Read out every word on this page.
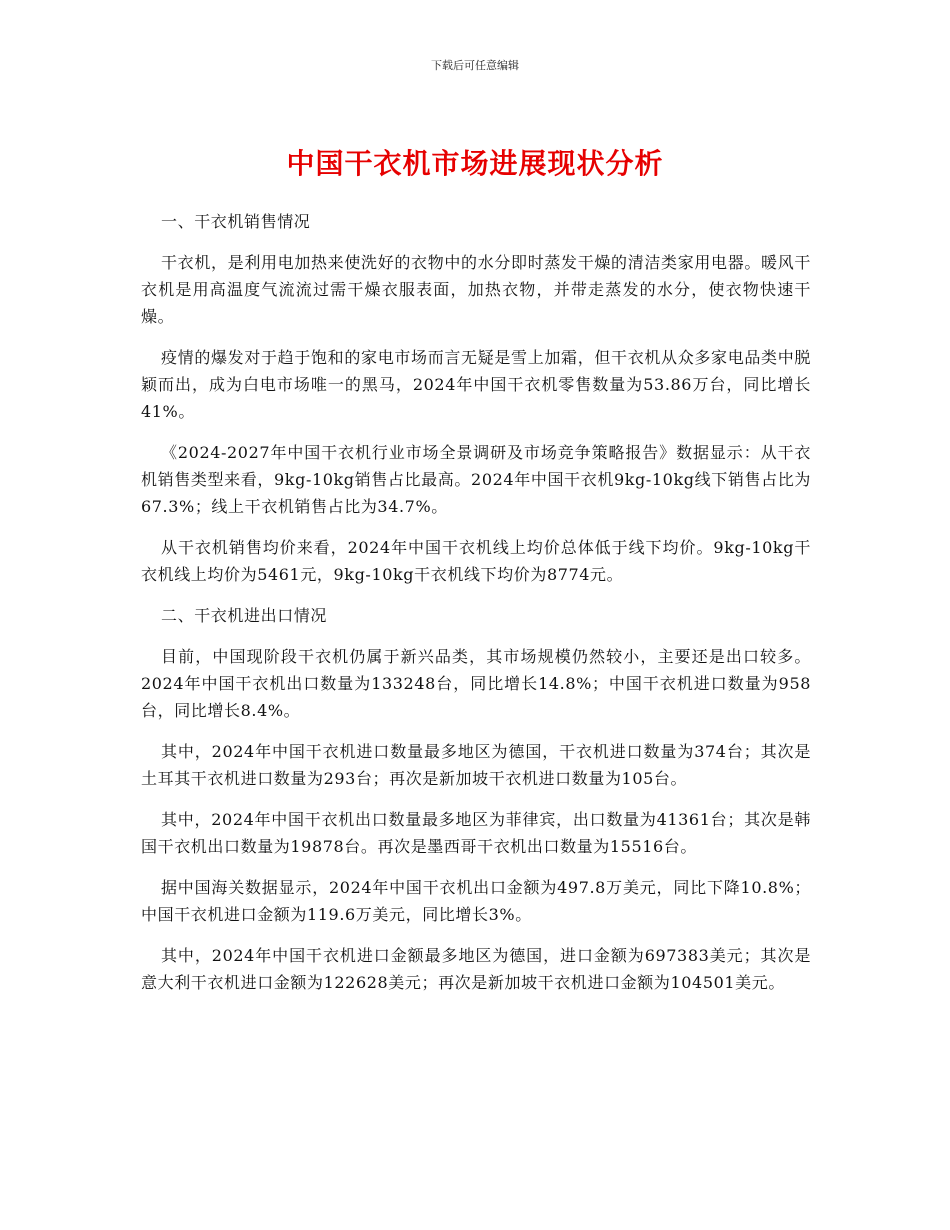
下载后可任意编辑
中国干衣机市场进展现状分析

一、干衣机销售情况

干衣机，是利用电加热来使洗好的衣物中的水分即时蒸发干燥的清洁类家用电器。暖风干衣机是用高温度气流流过需干燥衣服表面，加热衣物，并带走蒸发的水分，使衣物快速干燥。

疫情的爆发对于趋于饱和的家电市场而言无疑是雪上加霜，但干衣机从众多家电品类中脱颖而出，成为白电市场唯一的黑马，2024年中国干衣机零售数量为53.86万台，同比增长41%。

《2024-2027年中国干衣机行业市场全景调研及市场竞争策略报告》数据显示：从干衣机销售类型来看，9kg-10kg销售占比最高。2024年中国干衣机9kg-10kg线下销售占比为67.3%；线上干衣机销售占比为34.7%。

从干衣机销售均价来看，2024年中国干衣机线上均价总体低于线下均价。9kg-10kg干衣机线上均价为5461元，9kg-10kg干衣机线下均价为8774元。

二、干衣机进出口情况

目前，中国现阶段干衣机仍属于新兴品类，其市场规模仍然较小，主要还是出口较多。2024年中国干衣机出口数量为133248台，同比增长14.8%；中国干衣机进口数量为958台，同比增长8.4%。

其中，2024年中国干衣机进口数量最多地区为德国，干衣机进口数量为374台；其次是土耳其干衣机进口数量为293台；再次是新加坡干衣机进口数量为105台。

其中，2024年中国干衣机出口数量最多地区为菲律宾，出口数量为41361台；其次是韩国干衣机出口数量为19878台。再次是墨西哥干衣机出口数量为15516台。

据中国海关数据显示，2024年中国干衣机出口金额为497.8万美元，同比下降10.8%；中国干衣机进口金额为119.6万美元，同比增长3%。

其中，2024年中国干衣机进口金额最多地区为德国，进口金额为697383美元；其次是意大利干衣机进口金额为122628美元；再次是新加坡干衣机进口金额为104501美元。
